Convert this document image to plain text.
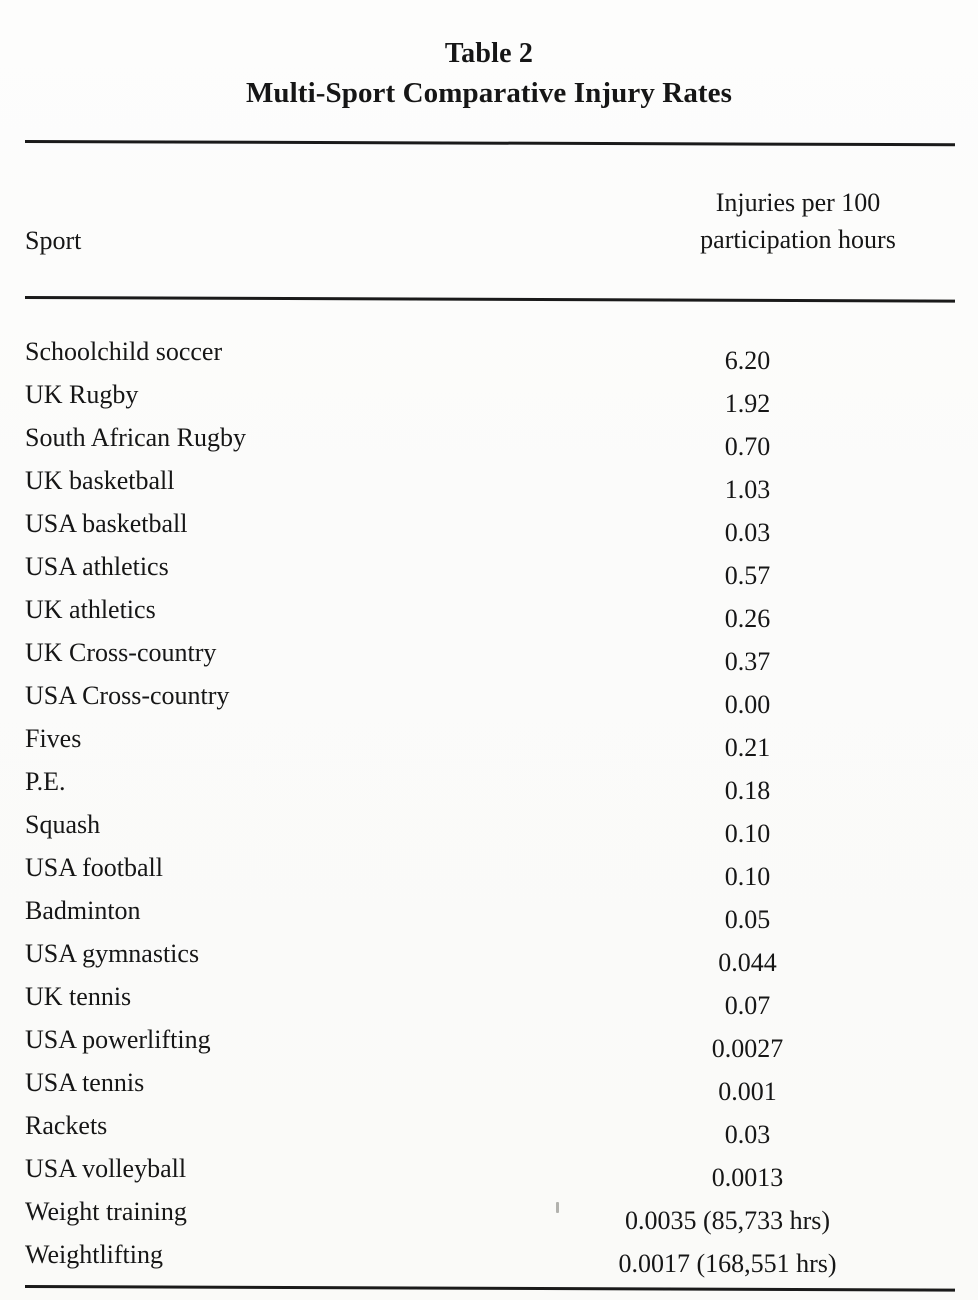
Table 2
Multi-Sport Comparative Injury Rates
Sport
Injuries per 100
participation hours
Schoolchild soccer	6.20
UK Rugby	1.92
South African Rugby	0.70
UK basketball	1.03
USA basketball	0.03
USA athletics	0.57
UK athletics	0.26
UK Cross-country	0.37
USA Cross-country	0.00
Fives	0.21
P.E.	0.18
Squash	0.10
USA football	0.10
Badminton	0.05
USA gymnastics	0.044
UK tennis	0.07
USA powerlifting	0.0027
USA tennis	0.001
Rackets	0.03
USA volleyball	0.0013
Weight training	0.0035 (85,733 hrs)
Weightlifting	0.0017 (168,551 hrs)
